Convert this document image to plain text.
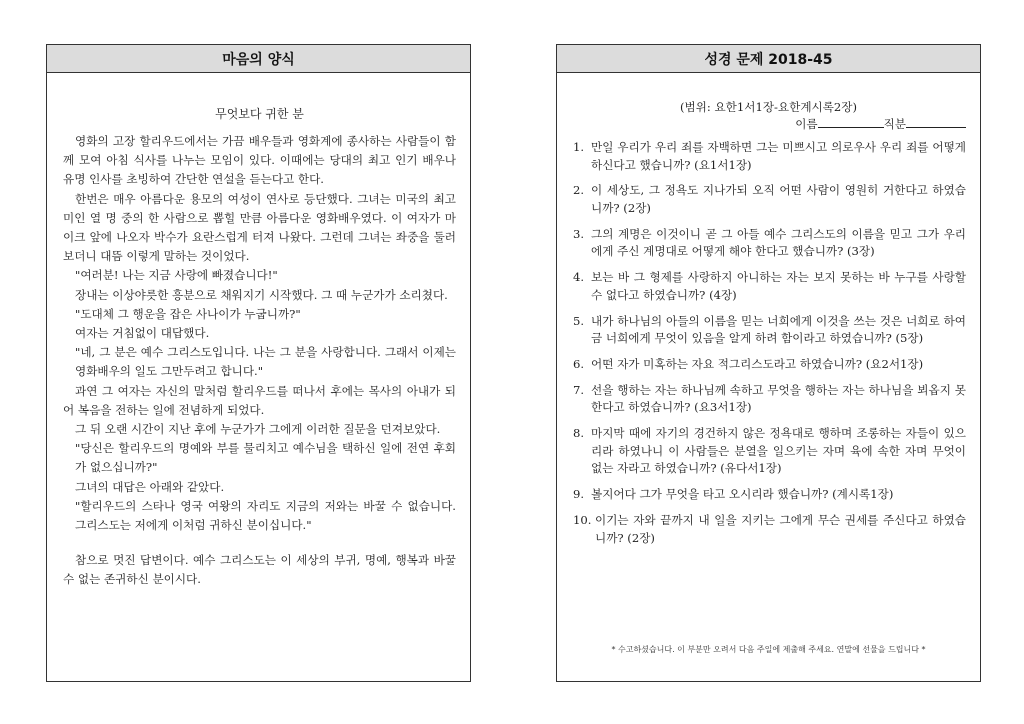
마음의 양식
무엇보다 귀한 분

영화의 고장 할리우드에서는 가끔 배우들과 영화계에 종사하는 사람들이 함께 모여 아침 식사를 나누는 모임이 있다. 이때에는 당대의 최고 인기 배우나 유명 인사를 초빙하여 간단한 연설을 듣는다고 한다.

한번은 매우 아름다운 용모의 여성이 연사로 등단했다. 그녀는 미국의 최고 미인 열 명 중의 한 사람으로 뽑힐 만큼 아름다운 영화배우였다. 이 여자가 마이크 앞에 나오자 박수가 요란스럽게 터져 나왔다. 그런데 그녀는 좌중을 둘러보더니 대뜸 이렇게 말하는 것이었다.

"여러분! 나는 지금 사랑에 빠졌습니다!"

장내는 이상야릇한 흥분으로 채워지기 시작했다. 그 때 누군가가 소리쳤다.

"도대체 그 행운을 잡은 사나이가 누굽니까?"

여자는 거침없이 대답했다.

"네, 그 분은 예수 그리스도입니다. 나는 그 분을 사랑합니다. 그래서 이제는 영화배우의 일도 그만두려고 합니다."

과연 그 여자는 자신의 말처럼 할리우드를 떠나서 후에는 목사의 아내가 되어 복음을 전하는 일에 전념하게 되었다.

그 뒤 오랜 시간이 지난 후에 누군가가 그에게 이러한 질문을 던져보았다.

"당신은 할리우드의 명예와 부를 물리치고 예수님을 택하신 일에 전연 후회가 없으십니까?"

그녀의 대답은 아래와 같았다.

"할리우드의 스타나 영국 여왕의 자리도 지금의 저와는 바꿀 수 없습니다. 그리스도는 저에게 이처럼 귀하신 분이십니다."

참으로 멋진 답변이다. 예수 그리스도는 이 세상의 부귀, 명예, 행복과 바꿀 수 없는 존귀하신 분이시다.

성경 문제 2018-45
(범위: 요한1서1장-요한계시록2장)
이름	직분
1. 만일 우리가 우리 죄를 자백하면 그는 미쁘시고 의로우사 우리 죄를 어떻게 하신다고 했습니까? (요1서1장)
2. 이 세상도, 그 정욕도 지나가되 오직 어떤 사람이 영원히 거한다고 하였습니까? (2장)
3. 그의 계명은 이것이니 곧 그 아들 예수 그리스도의 이름을 믿고 그가 우리에게 주신 계명대로 어떻게 해야 한다고 했습니까? (3장)
4. 보는 바 그 형제를 사랑하지 아니하는 자는 보지 못하는 바 누구를 사랑할 수 없다고 하였습니까? (4장)
5. 내가 하나님의 아들의 이름을 믿는 너희에게 이것을 쓰는 것은 너희로 하여금 너희에게 무엇이 있음을 알게 하려 함이라고 하였습니까? (5장)
6. 어떤 자가 미혹하는 자요 적그리스도라고 하였습니까? (요2서1장)
7. 선을 행하는 자는 하나님께 속하고 무엇을 행하는 자는 하나님을 뵈옵지 못한다고 하였습니까? (요3서1장)
8. 마지막 때에 자기의 경건하지 않은 정욕대로 행하며 조롱하는 자들이 있으리라 하였나니 이 사람들은 분열을 일으키는 자며 육에 속한 자며 무엇이 없는 자라고 하였습니까? (유다서1장)
9. 볼지어다 그가 무엇을 타고 오시리라 했습니까? (계시록1장)
10. 이기는 자와 끝까지 내 일을 지키는 그에게 무슨 권세를 주신다고 하였습니까? (2장)
* 수고하셨습니다. 이 부분만 오려서 다음 주일에 제출해 주세요. 연말에 선물을 드립니다 *
